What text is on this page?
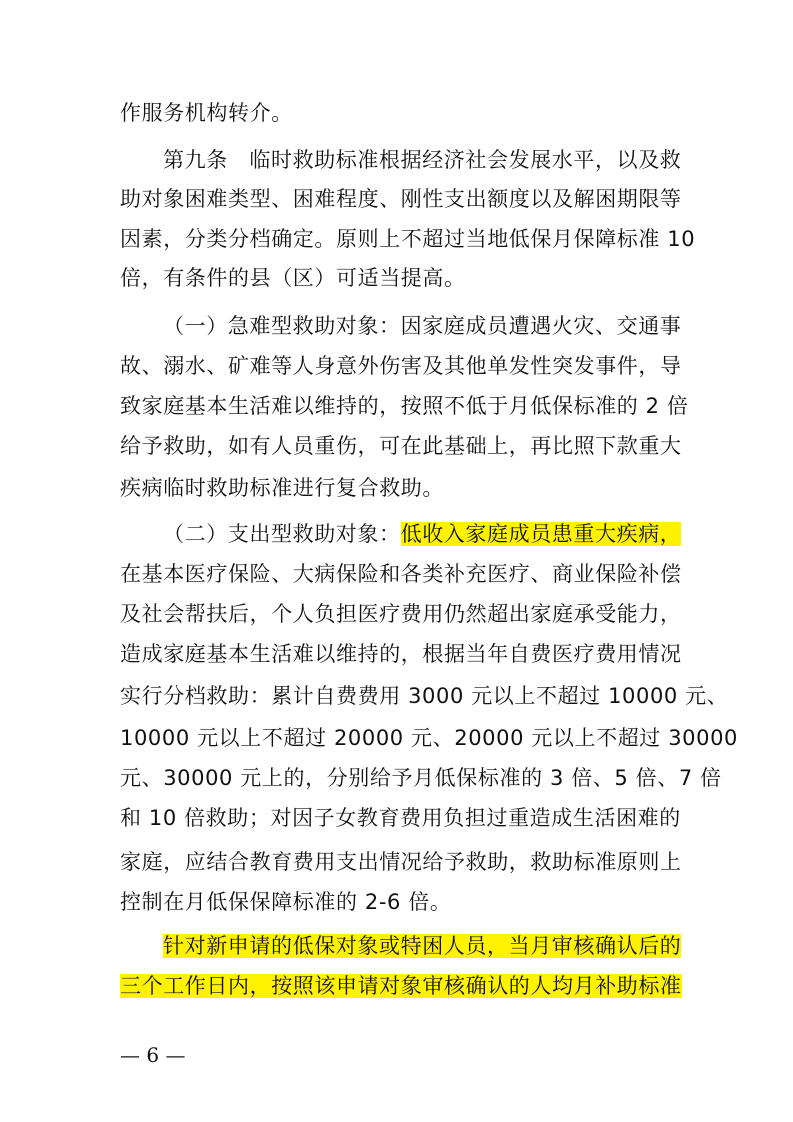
作服务机构转介。
第九条　临时救助标准根据经济社会发展水平，以及救
助对象困难类型、困难程度、刚性支出额度以及解困期限等
因素，分类分档确定。原则上不超过当地低保月保障标准 10
倍，有条件的县（区）可适当提高。
（一）急难型救助对象：因家庭成员遭遇火灾、交通事
故、溺水、矿难等人身意外伤害及其他单发性突发事件，导
致家庭基本生活难以维持的，按照不低于月低保标准的 2 倍
给予救助，如有人员重伤，可在此基础上，再比照下款重大
疾病临时救助标准进行复合救助。
（二）支出型救助对象：低收入家庭成员患重大疾病，
在基本医疗保险、大病保险和各类补充医疗、商业保险补偿
及社会帮扶后，个人负担医疗费用仍然超出家庭承受能力，
造成家庭基本生活难以维持的，根据当年自费医疗费用情况
实行分档救助：累计自费费用 3000 元以上不超过 10000 元、
10000 元以上不超过 20000 元、20000 元以上不超过 30000
元、30000 元上的，分别给予月低保标准的 3 倍、5 倍、7 倍
和 10 倍救助；对因子女教育费用负担过重造成生活困难的
家庭，应结合教育费用支出情况给予救助，救助标准原则上
控制在月低保保障标准的 2-6 倍。
针对新申请的低保对象或特困人员，当月审核确认后的
三个工作日内，按照该申请对象审核确认的人均月补助标准
— 6 —
